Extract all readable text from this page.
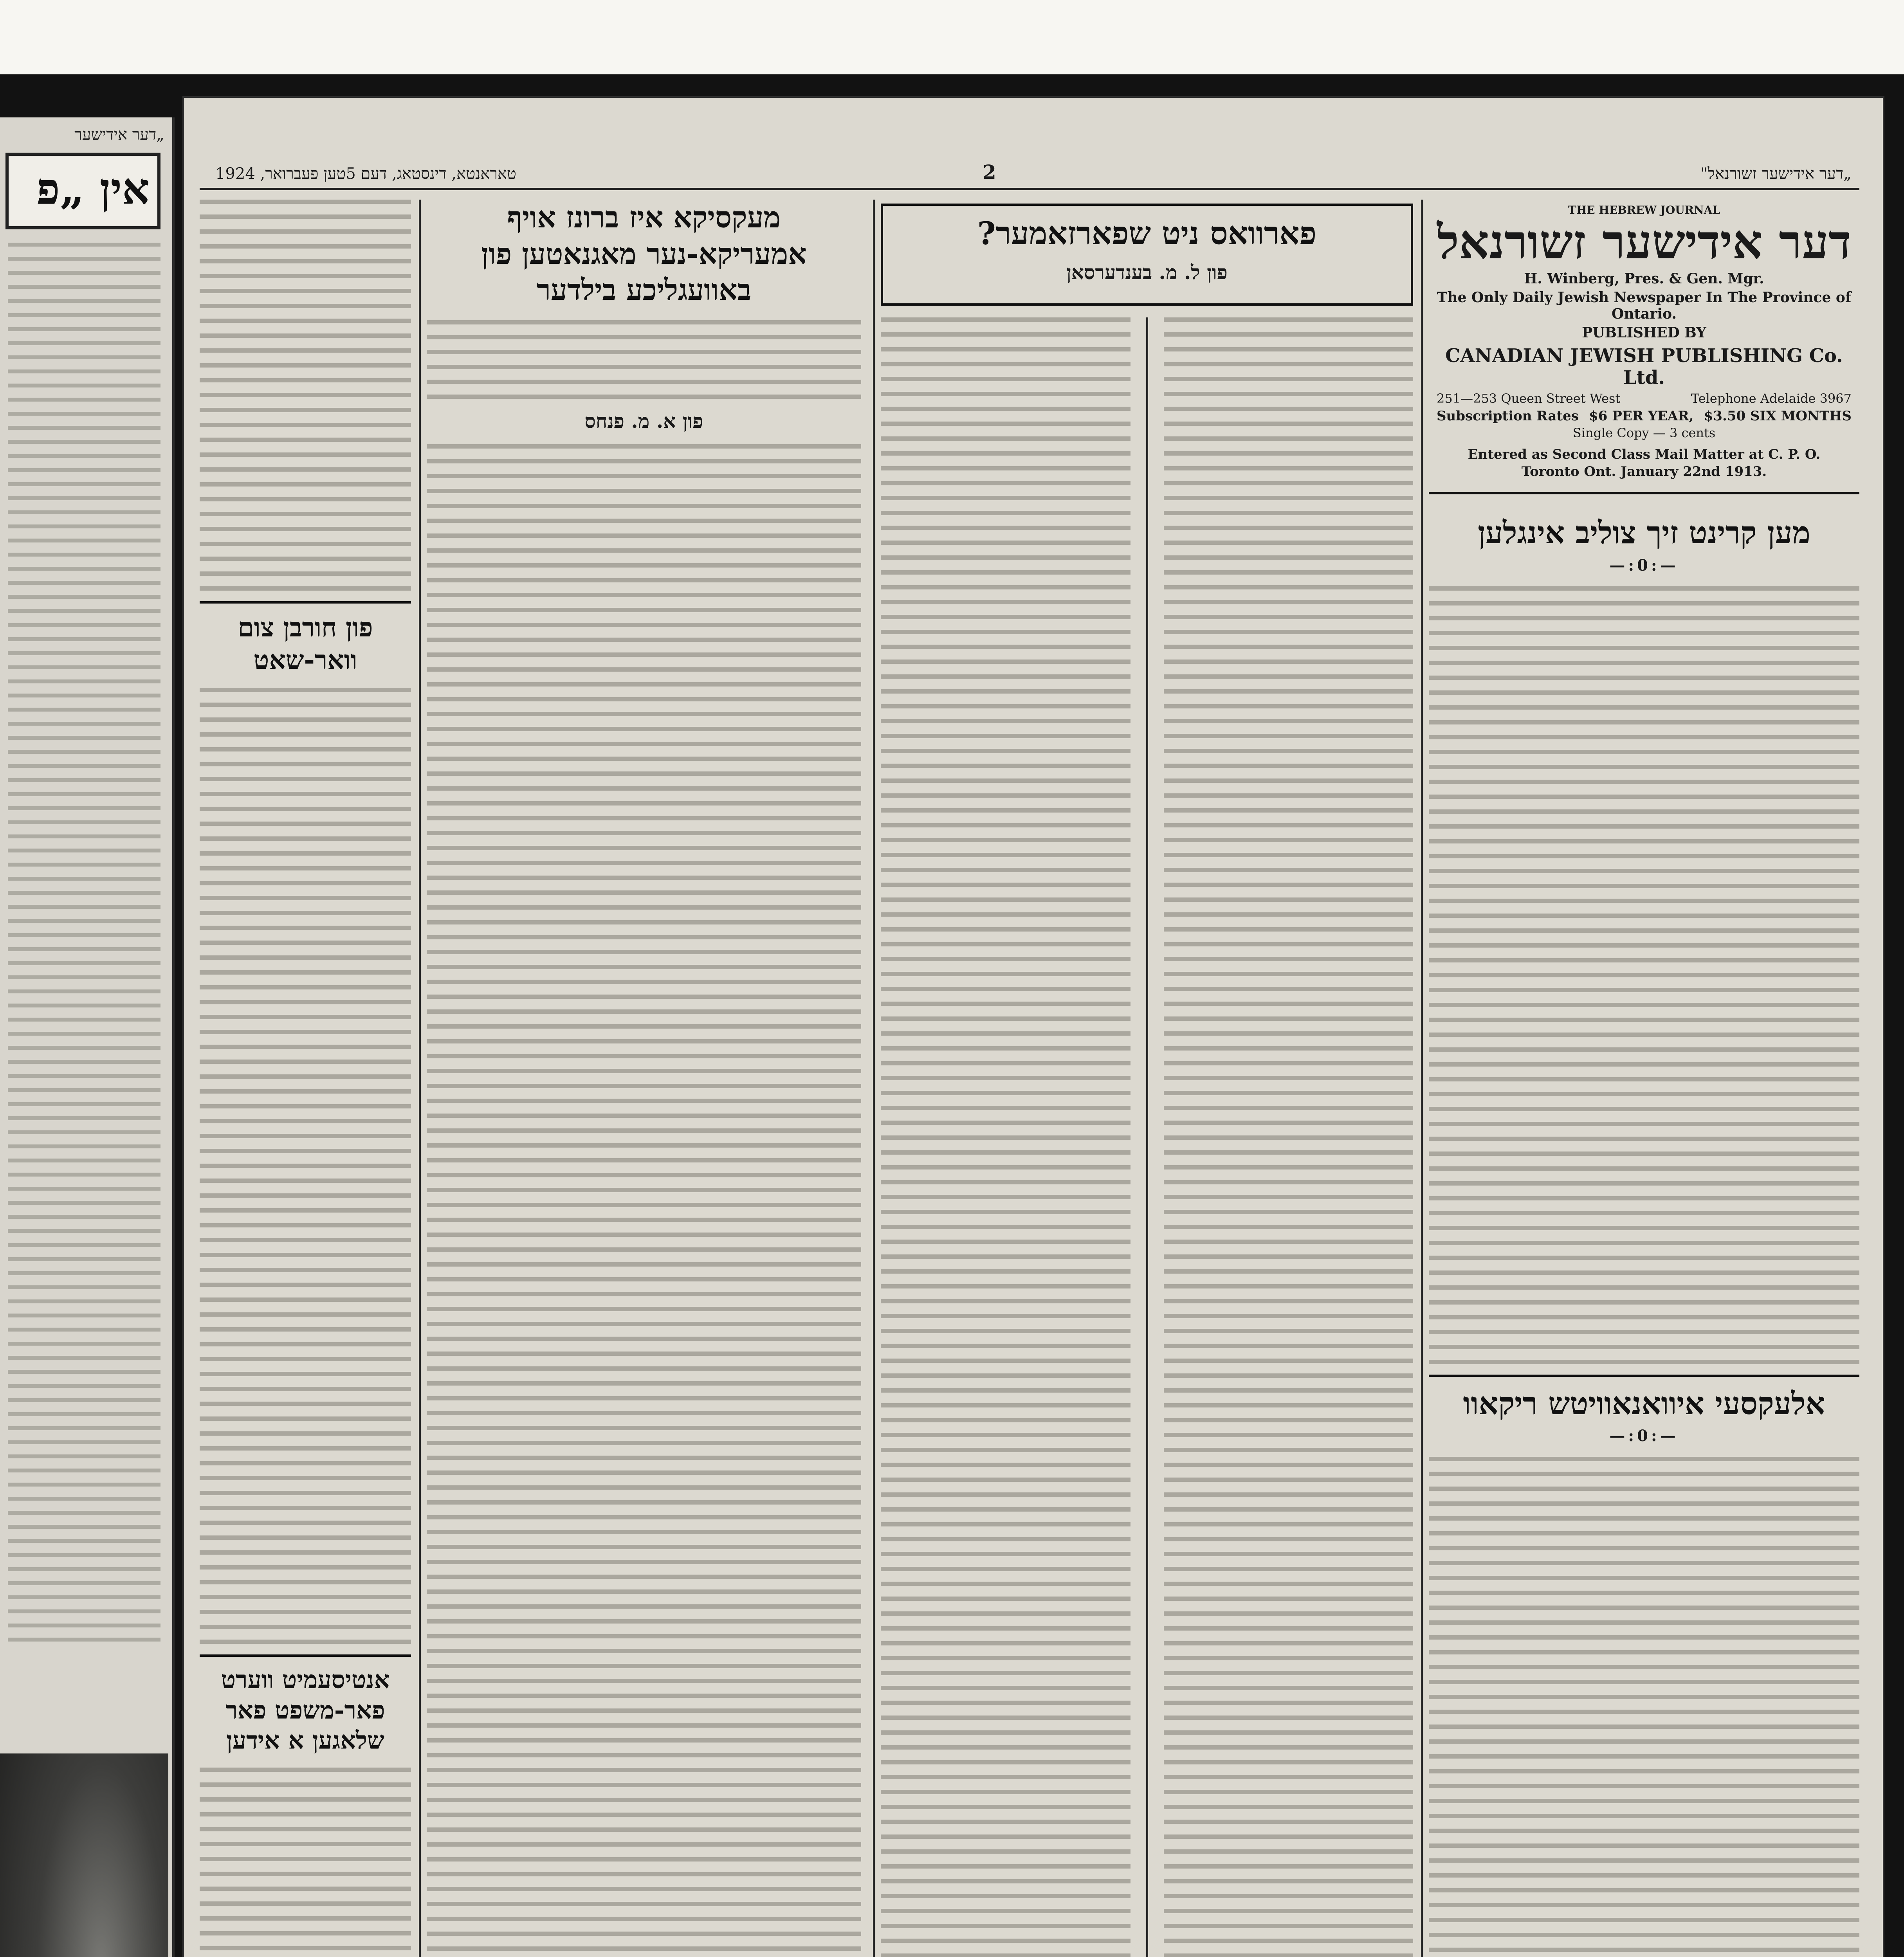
„דער אידישער
אין „פ	טאראנטא, דינסטאג, דעם 5טען פעברואר, 1924	2	„דער אידישער זשורנאל"
THE HEBREW JOURNAL
דער אידישער זשורנאל
H. Winberg, Pres. & Gen. Mgr.
The Only Daily Jewish Newspaper In The Province of Ontario.
PUBLISHED BY
CANADIAN JEWISH PUBLISHING Co. Ltd.
251—253 Queen Street West	Telephone Adelaide 3967
Subscription Rates $6 PER YEAR, $3.50 SIX MONTHS
Single Copy — 3 cents
Entered as Second Class Mail Matter at C. P. O. Toronto Ont. January 22nd 1913.
מען קרינט זיך צוליב אינגלען
—:0:—
אלעקסעי איוואנאוויטש ריקאוו
—:0:—
פארוואס ניט שפארזאמער?
פון ל. מ. בענדערסאן
מעקסיקא איז ברונז אויף אמעריקא-נער מאגנאטען פון באוועגליכע בילדער
פון א. מ. פנחס
פון חורבן צום וואר-שאט
אנטיסעמיט ווערט פאר-משפט פאר שלאגען א אידען
